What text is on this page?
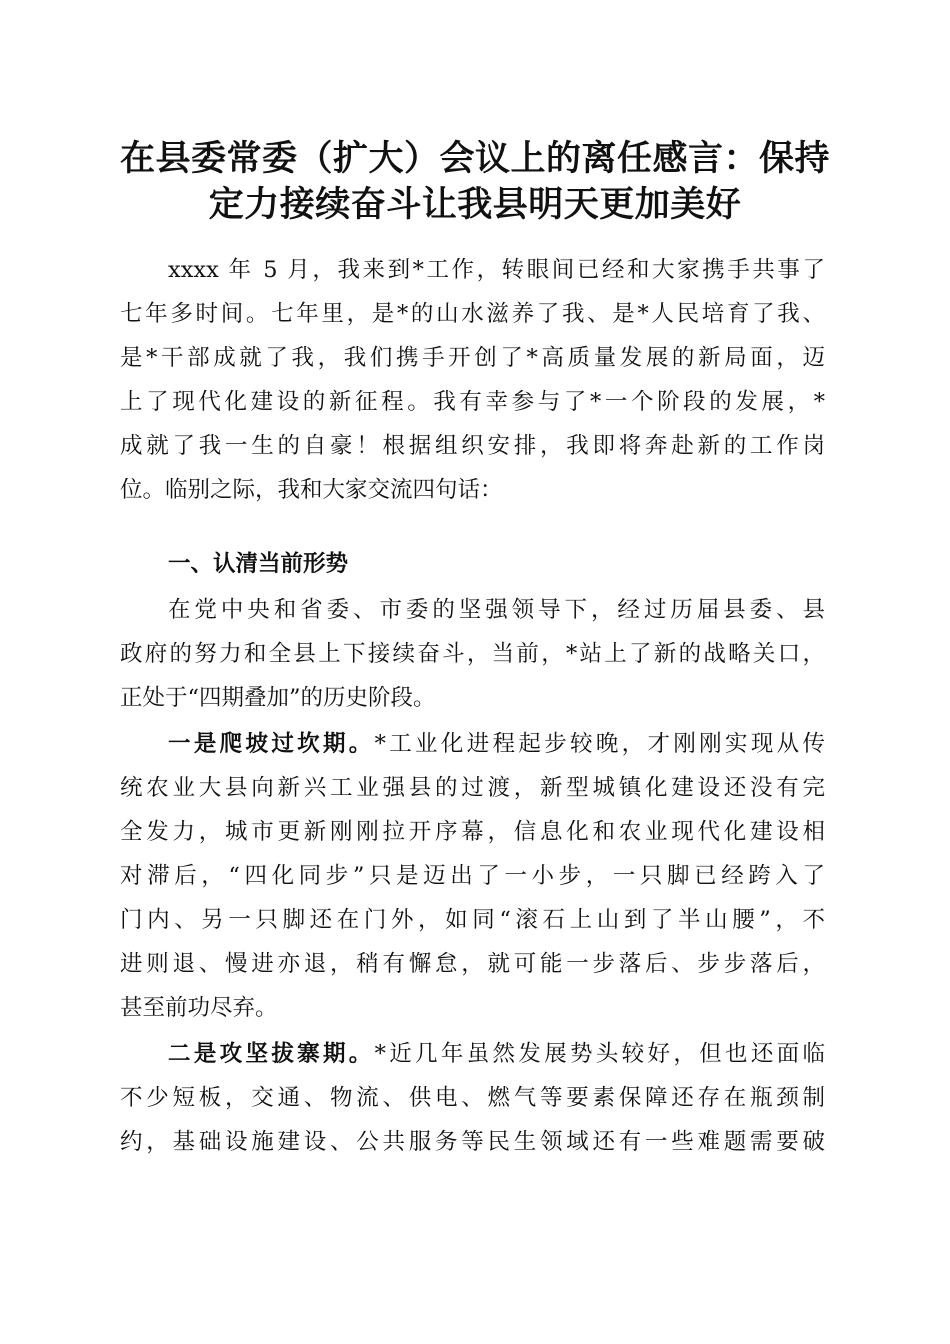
在县委常委（扩大）会议上的离任感言：保持
定力接续奋斗让我县明天更加美好
xxxx 年 5 月，我来到*工作，转眼间已经和大家携手共事了
七年多时间。七年里，是*的山水滋养了我、是*人民培育了我、
是*干部成就了我，我们携手开创了*高质量发展的新局面，迈
上了现代化建设的新征程。我有幸参与了*一个阶段的发展，*
成就了我一生的自豪！根据组织安排，我即将奔赴新的工作岗
位。临别之际，我和大家交流四句话：
一、认清当前形势
在党中央和省委、市委的坚强领导下，经过历届县委、县
政府的努力和全县上下接续奋斗，当前，*站上了新的战略关口，
正处于“四期叠加”的历史阶段。
一是爬坡过坎期。*工业化进程起步较晚，才刚刚实现从传
统农业大县向新兴工业强县的过渡，新型城镇化建设还没有完
全发力，城市更新刚刚拉开序幕，信息化和农业现代化建设相
对滞后，“四化同步”只是迈出了一小步，一只脚已经跨入了
门内、另一只脚还在门外，如同“滚石上山到了半山腰”，不
进则退、慢进亦退，稍有懈怠，就可能一步落后、步步落后，
甚至前功尽弃。
二是攻坚拔寨期。*近几年虽然发展势头较好，但也还面临
不少短板，交通、物流、供电、燃气等要素保障还存在瓶颈制
约，基础设施建设、公共服务等民生领域还有一些难题需要破
